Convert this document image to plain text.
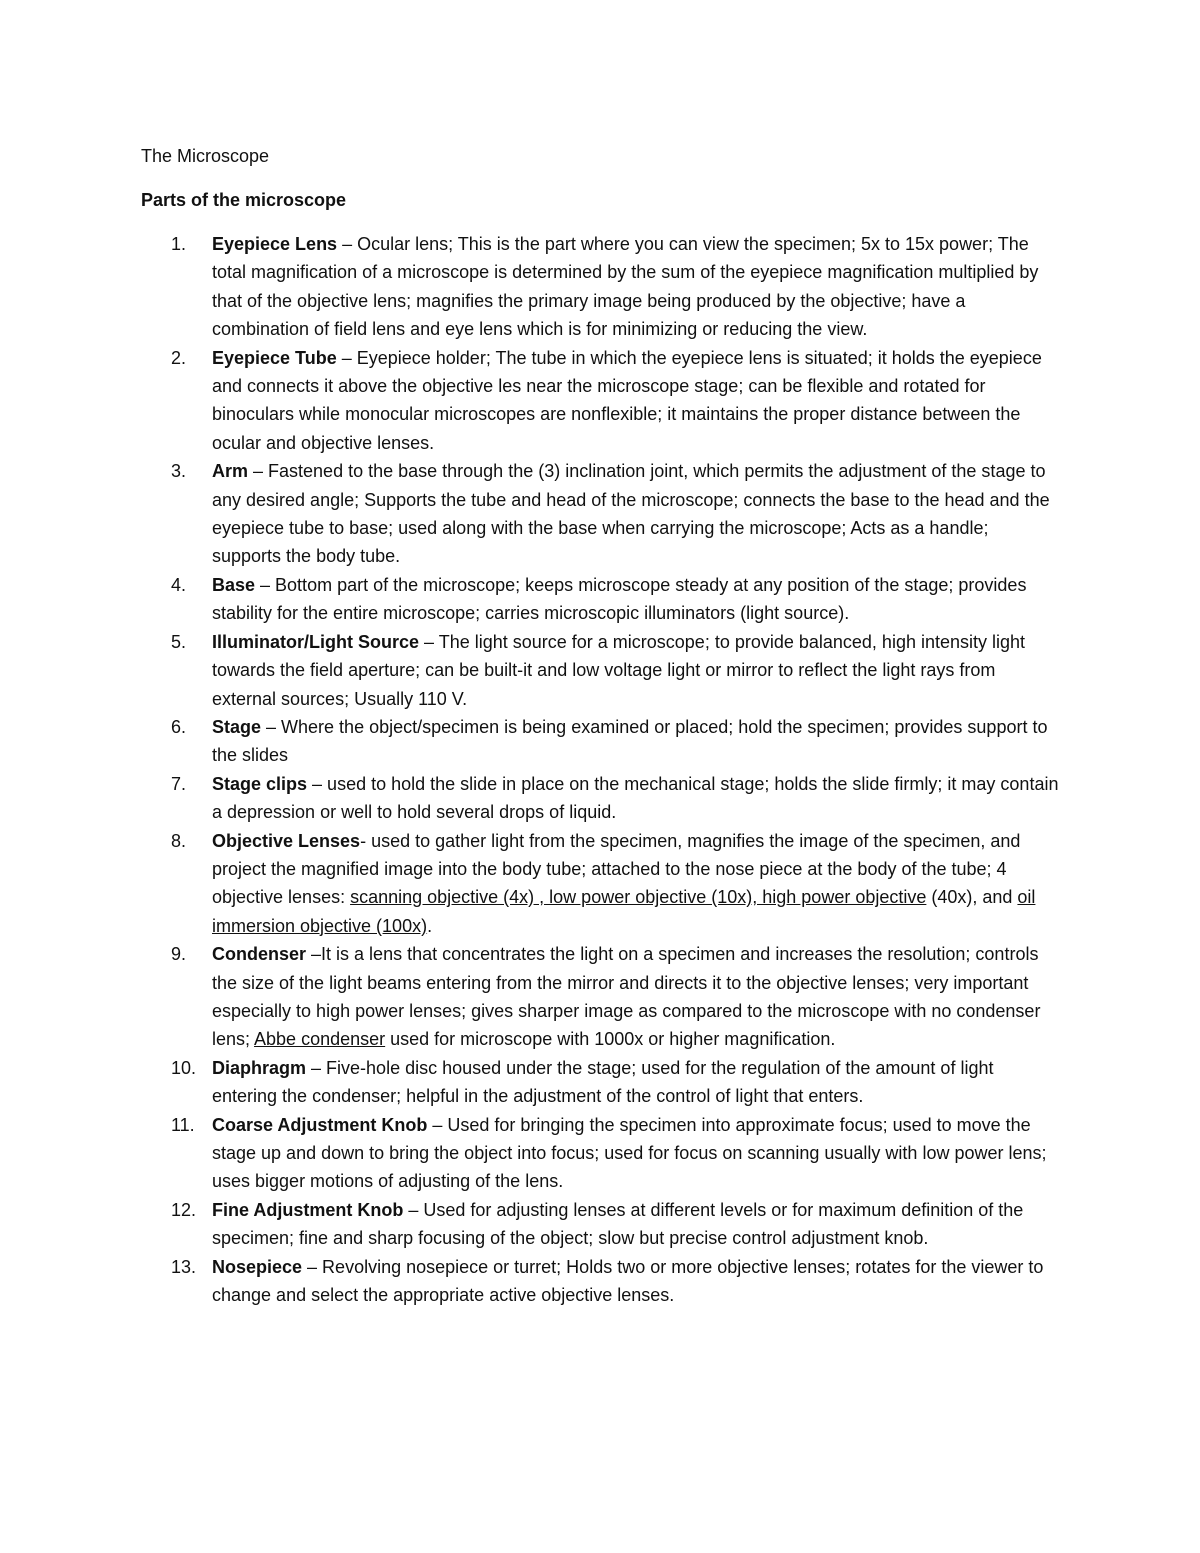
The Microscope
Parts of the microscope
1.	Eyepiece Lens – Ocular lens; This is the part where you can view the specimen; 5x to 15x power; The total magnification of a microscope is determined by the sum of the eyepiece magnification multiplied by that of the objective lens; magnifies the primary image being produced by the objective; have a combination of field lens and eye lens which is for minimizing or reducing the view.
2.	Eyepiece Tube – Eyepiece holder; The tube in which the eyepiece lens is situated; it holds the eyepiece and connects it above the objective les near the microscope stage; can be flexible and rotated for binoculars while monocular microscopes are nonflexible; it maintains the proper distance between the ocular and objective lenses.
3.	Arm – Fastened to the base through the (3) inclination joint, which permits the adjustment of the stage to any desired angle; Supports the tube and head of the microscope; connects the base to the head and the eyepiece tube to base; used along with the base when carrying the microscope; Acts as a handle; supports the body tube.
4.	Base – Bottom part of the microscope; keeps microscope steady at any position of the stage; provides stability for the entire microscope; carries microscopic illuminators (light source).
5.	Illuminator/Light Source – The light source for a microscope; to provide balanced, high intensity light towards the field aperture; can be built-it and low voltage light or mirror to reflect the light rays from external sources; Usually 110 V.
6.	Stage – Where the object/specimen is being examined or placed; hold the specimen; provides support to the slides
7.	Stage clips – used to hold the slide in place on the mechanical stage; holds the slide firmly; it may contain a depression or well to hold several drops of liquid.
8.	Objective Lenses- used to gather light from the specimen, magnifies the image of the specimen, and project the magnified image into the body tube; attached to the nose piece at the body of the tube; 4 objective lenses: scanning objective (4x) , low power objective (10x), high power objective (40x), and oil immersion objective (100x).
9.	Condenser –It is a lens that concentrates the light on a specimen and increases the resolution; controls the size of the light beams entering from the mirror and directs it to the objective lenses; very important especially to high power lenses; gives sharper image as compared to the microscope with no condenser lens; Abbe condenser used for microscope with 1000x or higher magnification.
10. Diaphragm – Five-hole disc housed under the stage; used for the regulation of the amount of light entering the condenser; helpful in the adjustment of the control of light that enters.
11. Coarse Adjustment Knob – Used for bringing the specimen into approximate focus; used to move the stage up and down to bring the object into focus; used for focus on scanning usually with low power lens; uses bigger motions of adjusting of the lens.
12. Fine Adjustment Knob – Used for adjusting lenses at different levels or for maximum definition of the specimen; fine and sharp focusing of the object; slow but precise control adjustment knob.
13. Nosepiece – Revolving nosepiece or turret; Holds two or more objective lenses; rotates for the viewer to change and select the appropriate active objective lenses.
